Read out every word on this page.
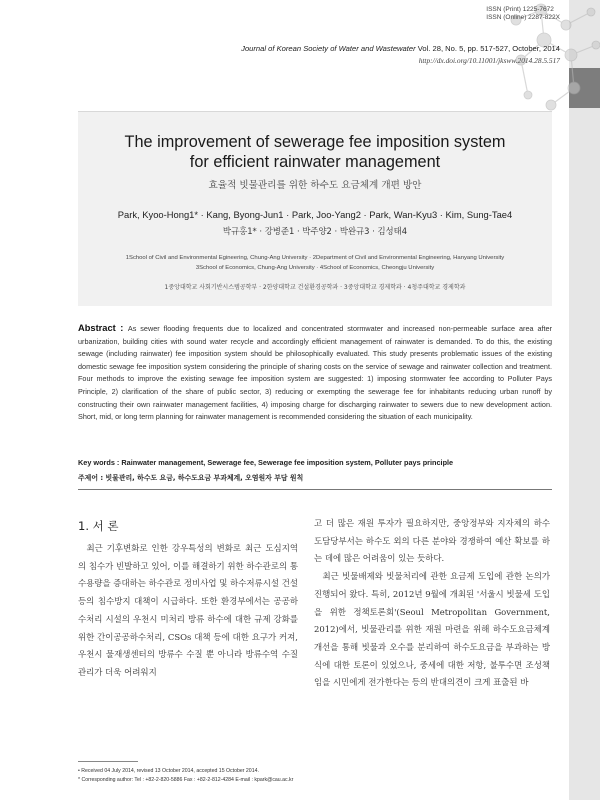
ISSN (Print) 1225-7672
ISSN (Online) 2287-822X
Journal of Korean Society of Water and Wastewater Vol. 28, No. 5, pp. 517-527, October, 2014
http://dx.doi.org/10.11001/jksww.2014.28.5.517
The improvement of sewerage fee imposition system
for efficient rainwater management
효율적 빗물관리를 위한 하수도 요금체계 개편 방안
Park, Kyoo-Hong1* · Kang, Byong-Jun1 · Park, Joo-Yang2 · Park, Wan-Kyu3 · Kim, Sung-Tae4
박규홍1* · 강병준1 · 박주양2 · 박완규3 · 김성태4
1School of Civil and Environmental Egineering, Chung-Ang University · 2Department of Civil and Environmental Engineering, Hanyang University
3School of Economics, Chung-Ang University · 4School of Economics, Cheongju University
1중앙대학교 사회기반시스템공학부 · 2한양대학교 건설환경공학과 · 3중앙대학교 경제학과 · 4청주대학교 경제학과
Abstract : As sewer flooding frequents due to localized and concentrated stormwater and increased non-permeable surface area after urbanization, building cities with sound water recycle and accordingly efficient management of rainwater is demanded. To do this, the existing sewage (including rainwater) fee imposition system should be philosophically evaluated. This study presents problematic issues of the existing domestic sewage fee imposition system considering the principle of sharing costs on the service of sewage and rainwater collection and treatment. Four methods to improve the existing sewage fee imposition system are suggested: 1) imposing stormwater fee according to Polluter Pays Principle, 2) clarification of the share of public sector, 3) reducing or exempting the sewerage fee for inhabitants reducing urban runoff by constructing their own rainwater management facilities, 4) imposing charge for discharging rainwater to sewers due to new development action. Short, mid, or long term planning for rainwater management is recommended considering the situation of each municipality.
Key words : Rainwater management, Sewerage fee, Sewerage fee imposition system, Polluter pays principle
주제어 : 빗물관리, 하수도 요금, 하수도요금 부과체계, 오염원자 부담 원칙
1. 서 론

최근 기후변화로 인한 강우특성의 변화로 최근 도심지역의 침수가 빈발하고 있어, 이를 해결하기 위한 하수관로의 통수용량을 증대하는 하수관로 정비사업 및 하수저류시설 건설 등의 침수방지 대책이 시급하다. 또한 환경부에서는 공공하수처리 시설의 우천시 미처리 방류 하수에 대한 규제 강화를 위한 간이공공하수처리, CSOs 대책 등에 대한 요구가 커져, 우천시 물재생센터의 방류수 수질 뿐 아니라 방류수역 수질관리가 더욱 어려워지

고 더 많은 재원 투자가 필요하지만, 중앙정부와 지자체의 하수도담당부서는 하수도 외의 다른 분야와 경쟁하여 예산 확보를 하는 데에 많은 어려움이 있는 듯하다.

최근 빗물배제와 빗물처리에 관한 요금제 도입에 관한 논의가 진행되어 왔다. 특히, 2012년 9월에 개최된 '서울시 빗물세 도입을 위한 정책토론회'(Seoul Metropolitan Government, 2012)에서, 빗물관리를 위한 재원 마련을 위해 하수도요금체계 개선을 통해 빗물과 오수를 분리하여 하수도요금을 부과하는 방식에 대한 토론이 있었으나, 중세에 대한 저항, 불투수면 조성책임을 시민에게 전가한다는 등의 반대의견이 크게 표출된 바

• Received 04 July 2014, revised 13 October 2014, accepted 15 October 2014.
* Corresponding author: Tel : +82-2-820-5886 Fax : +82-2-812-4284 E-mail : kpark@cau.ac.kr
